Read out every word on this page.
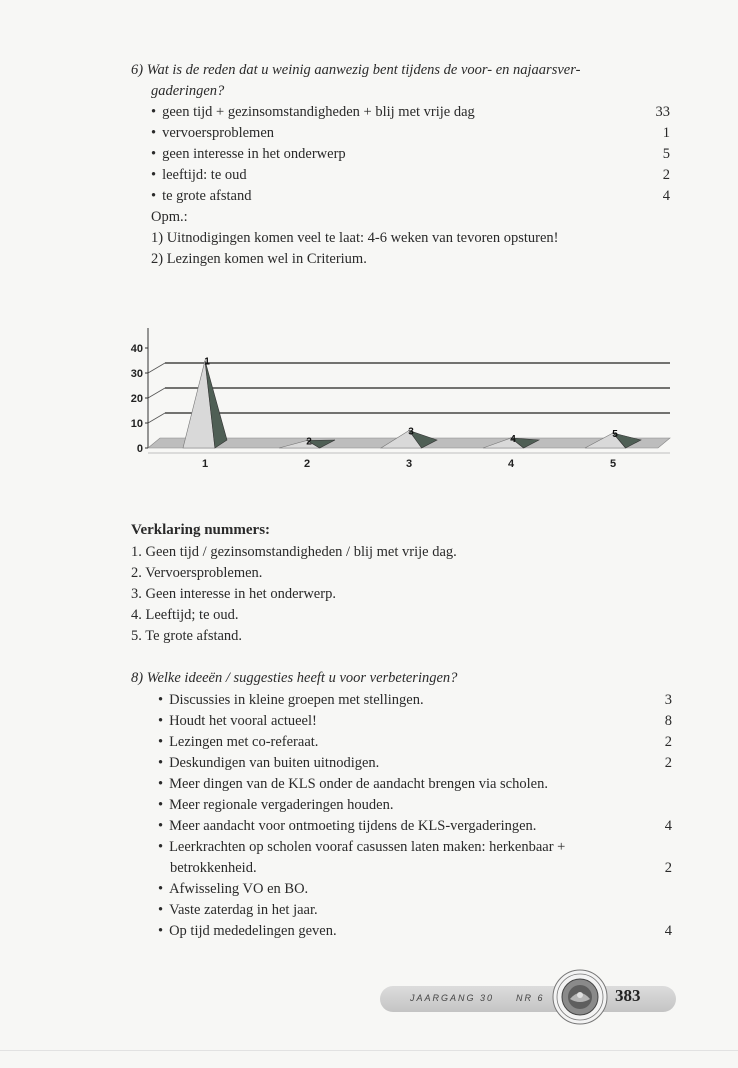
6) Wat is de reden dat u weinig aanwezig bent tijdens de voor- en najaarsver-
gaderingen?
• geen tijd + gezinsomstandigheden + blij met vrije dag	33
• vervoersproblemen	1
• geen interesse in het onderwerp	5
• leeftijd: te oud	2
• te grote afstand	4
Opm.:
1) Uitnodigingen komen veel te laat: 4-6 weken van tevoren opsturen!
2) Lezingen komen wel in Criterium.
1
2
3
4	5
0
10
20
30
40
1	2	3	4	5
Verklaring nummers:
1. Geen tijd / gezinsomstandigheden / blij met vrije dag.
2. Vervoersproblemen.
3. Geen interesse in het onderwerp.
4. Leeftijd; te oud.
5. Te grote afstand.
8) Welke ideeën / suggesties heeft u voor verbeteringen?
• Discussies in kleine groepen met stellingen.	3
• Houdt het vooral actueel!	8
• Lezingen met co-referaat.	2
• Deskundigen van buiten uitnodigen.	2
• Meer dingen van de KLS onder de aandacht brengen via scholen.
• Meer regionale vergaderingen houden.
• Meer aandacht voor ontmoeting tijdens de KLS-vergaderingen.	4
• Leerkrachten op scholen vooraf casussen laten maken: herkenbaar +
betrokkenheid.	2
• Afwisseling VO en BO.
• Vaste zaterdag in het jaar.
• Op tijd mededelingen geven.	4
JAARGANG 30 NR 6	383
